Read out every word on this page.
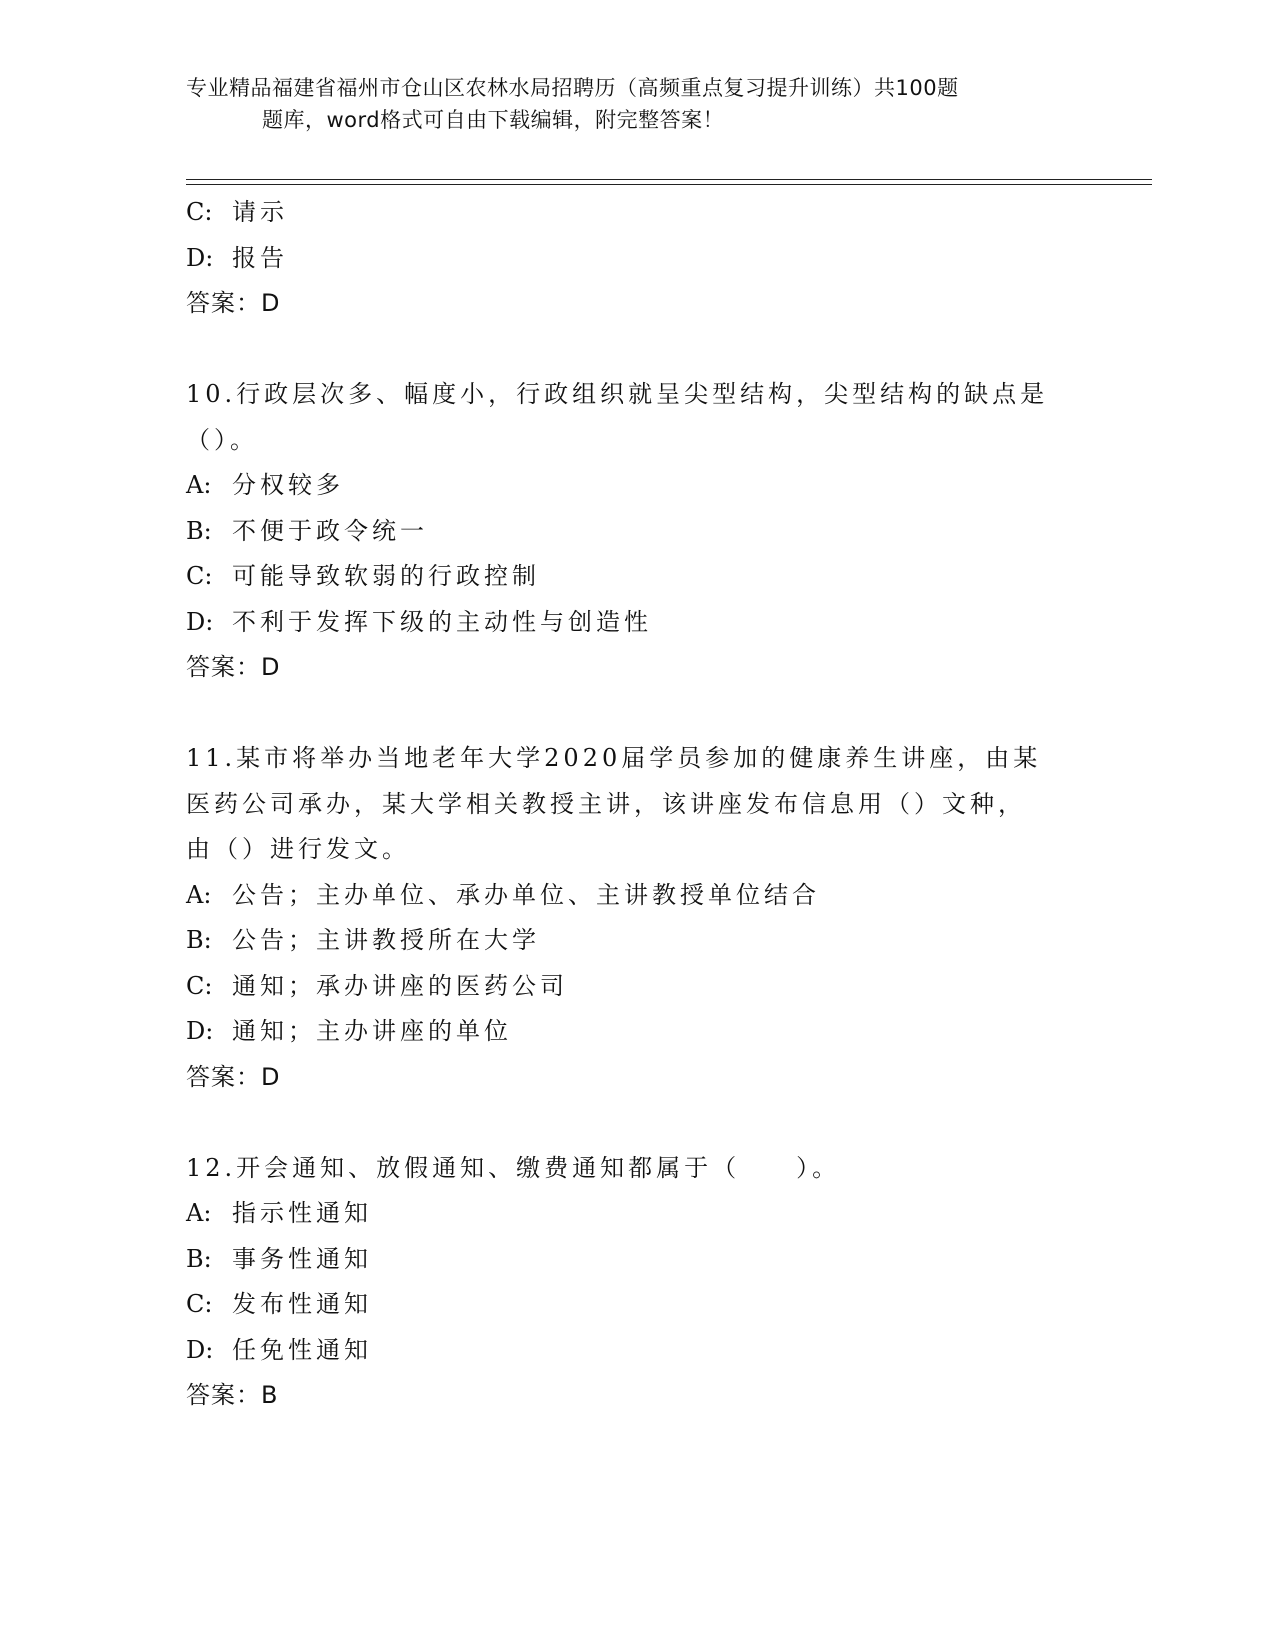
专业精品福建省福州市仓山区农林水局招聘历（高频重点复习提升训练）共100题
题库，word格式可自由下载编辑，附完整答案！
C: 请示
D: 报告
答案：D
10.行政层次多、幅度小，行政组织就呈尖型结构，尖型结构的缺点是
（）。
A: 分权较多
B: 不便于政令统一
C: 可能导致软弱的行政控制
D: 不利于发挥下级的主动性与创造性
答案：D
11.某市将举办当地老年大学2020届学员参加的健康养生讲座，由某
医药公司承办，某大学相关教授主讲，该讲座发布信息用（）文种，
由（）进行发文。
A: 公告；主办单位、承办单位、主讲教授单位结合
B: 公告；主讲教授所在大学
C: 通知；承办讲座的医药公司
D: 通知；主办讲座的单位
答案：D
12.开会通知、放假通知、缴费通知都属于（　　）。
A: 指示性通知
B: 事务性通知
C: 发布性通知
D: 任免性通知
答案：B
